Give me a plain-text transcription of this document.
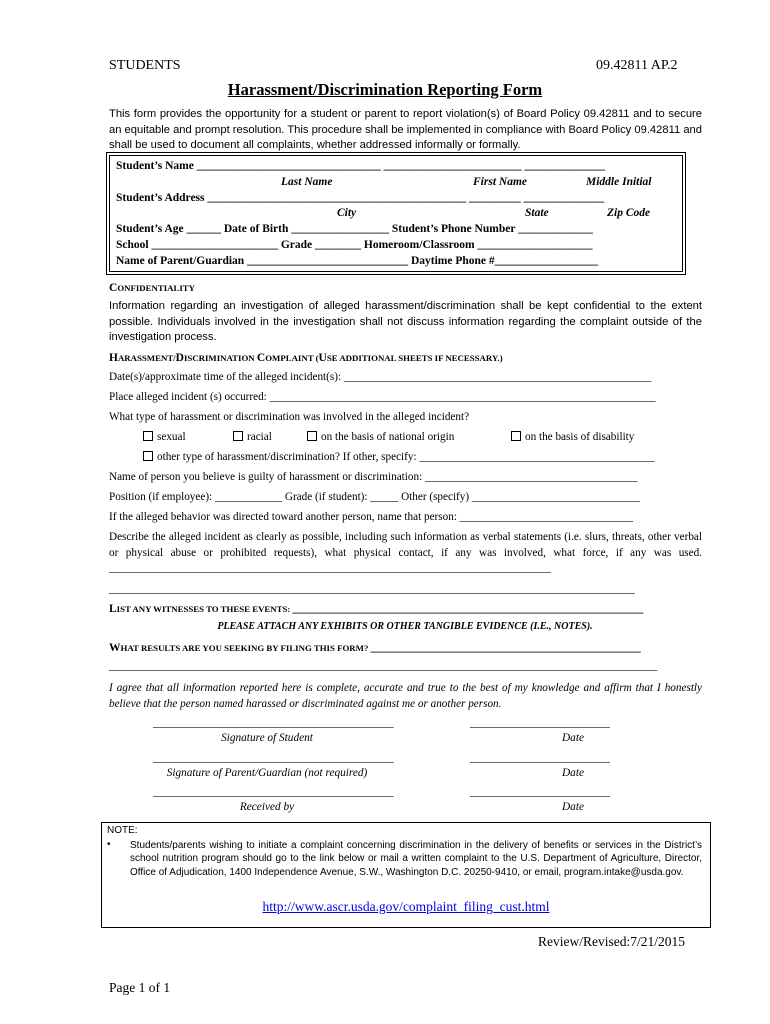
STUDENTS	09.42811 AP.2
Harassment/Discrimination Reporting Form
This form provides the opportunity for a student or parent to report violation(s) of Board Policy 09.42811 and to secure an equitable and prompt resolution. This procedure shall be implemented in compliance with Board Policy 09.42811 and shall be used to document all complaints, whether addressed informally or formally.
Student’s Name ________________________________ ________________________ ______________
Last Name	First Name	Middle Initial
Student’s Address _____________________________________________ _________ ______________
City	State	Zip Code
Student’s Age ______ Date of Birth _________________ Student’s Phone Number _____________
School ______________________ Grade ________ Homeroom/Classroom ____________________
Name of Parent/Guardian ____________________________ Daytime Phone #__________________
CONFIDENTIALITY
Information regarding an investigation of alleged harassment/discrimination shall be kept confidential to the extent possible. Individuals involved in the investigation shall not discuss information regarding the complaint outside of the investigation process.
HARASSMENT/DISCRIMINATION COMPLAINT (USE ADDITIONAL SHEETS IF NECESSARY.)
Date(s)/approximate time of the alleged incident(s): _______________________________________________________
Place alleged incident (s) occurred: _____________________________________________________________________
What type of harassment or discrimination was involved in the alleged incident?
sexual	racial	on the basis of national origin	on the basis of disability
other type of harassment/discrimination? If other, specify: __________________________________________
Name of person you believe is guilty of harassment or discrimination: ______________________________________
Position (if employee): ____________ Grade (if student): _____ Other (specify) ______________________________
If the alleged behavior was directed toward another person, name that person: _______________________________
Describe the alleged incident as clearly as possible, including such information as verbal statements (i.e. slurs, threats, other verbal or physical abuse or prohibited requests), what physical contact, if any was involved, what force, if any was used. _______________________________________________________________________________
______________________________________________________________________________________________
LIST ANY WITNESSES TO THESE EVENTS: _____________________________________________________________
PLEASE ATTACH ANY EXHIBITS OR OTHER TANGIBLE EVIDENCE (I.E., NOTES).
WHAT RESULTS ARE YOU SEEKING BY FILING THIS FORM? _______________________________________________
__________________________________________________________________________________________________
I agree that all information reported here is complete, accurate and true to the best of my knowledge and affirm that I honestly believe that the person named harassed or discriminated against me or another person.
___________________________________________	_________________________
Signature of Student	Date
___________________________________________	_________________________
Signature of Parent/Guardian (not required)	Date
___________________________________________	_________________________
Received by	Date
NOTE:
• Students/parents wishing to initiate a complaint concerning discrimination in the delivery of benefits or services in the District’s school nutrition program should go to the link below or mail a written complaint to the U.S. Department of Agriculture, Director, Office of Adjudication, 1400 Independence Avenue, S.W., Washington D.C. 20250-9410, or email, program.intake@usda.gov.
http://www.ascr.usda.gov/complaint_filing_cust.html
Review/Revised:7/21/2015
Page 1 of 1
